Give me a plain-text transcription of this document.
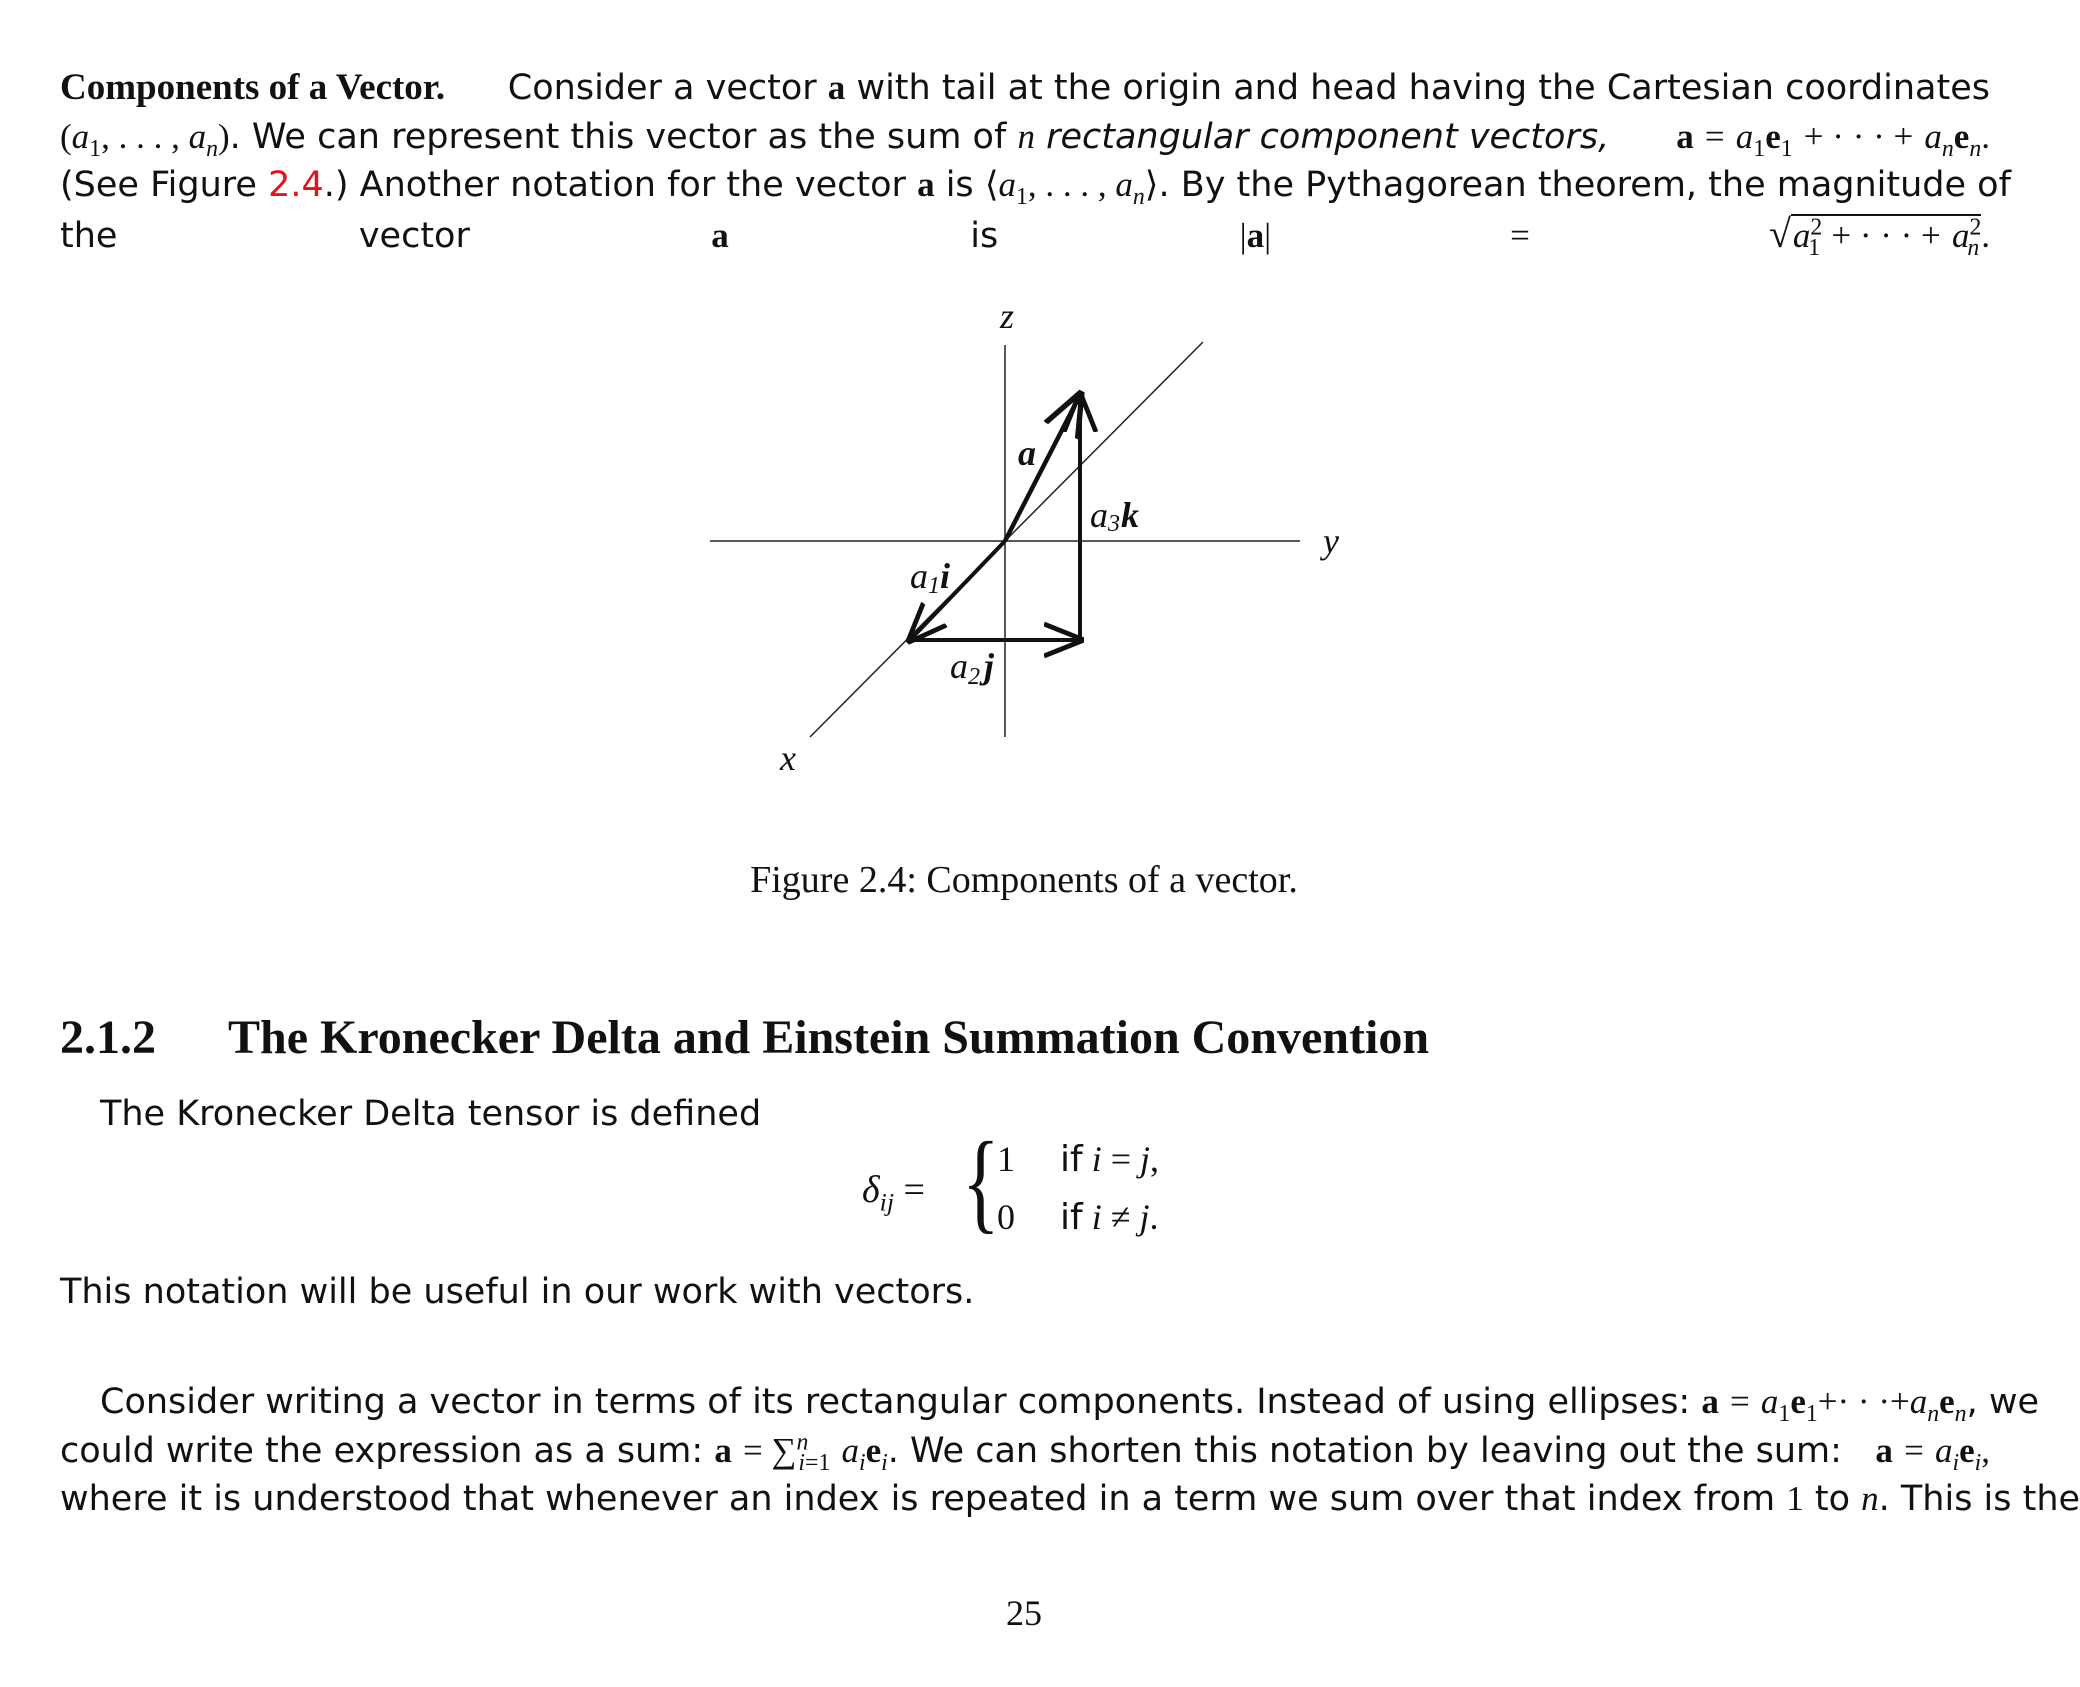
Components of a Vector. Consider a vector a with tail at the origin and head having the Cartesian coordinates
($a_1$, . . . , $a_n$). We can represent this vector as the sum of n rectangular component vectors, $a = a_1e_1$ + · · · + $a_ne_n$.
(See Figure 2.4.) Another notation for the vector a is $⟨a_1$, . . . , $a_n⟩$. By the Pythagorean theorem, the magnitude of
the vector	a	is	$|a| = √a^2_1$ + · · · + $a^2_n$.
z
y
x
a
a 3 k
a 1 i
a 2 j
Figure 2.4: Components of a vector.
2.1.2 The Kronecker Delta and Einstein Summation Convention
The Kronecker Delta tensor is defined
$\delta_{ij}$ = {
1 if i = j,
0 if i ≠ j.
This notation will be useful in our work with vectors.
Consider writing a vector in terms of its rectangular components. Instead of using ellipses: $a = a_1e_1+\cdot \cdot \cdot+a_ne_n$, we
could write the expression as a sum: a = ∑$^n_{i=1}$ $a_ie_i$. We can shorten this notation by leaving out the sum: $a = a_ie_i$,
where it is understood that whenever an index is repeated in a term we sum over that index from 1 to n. This is the
25
